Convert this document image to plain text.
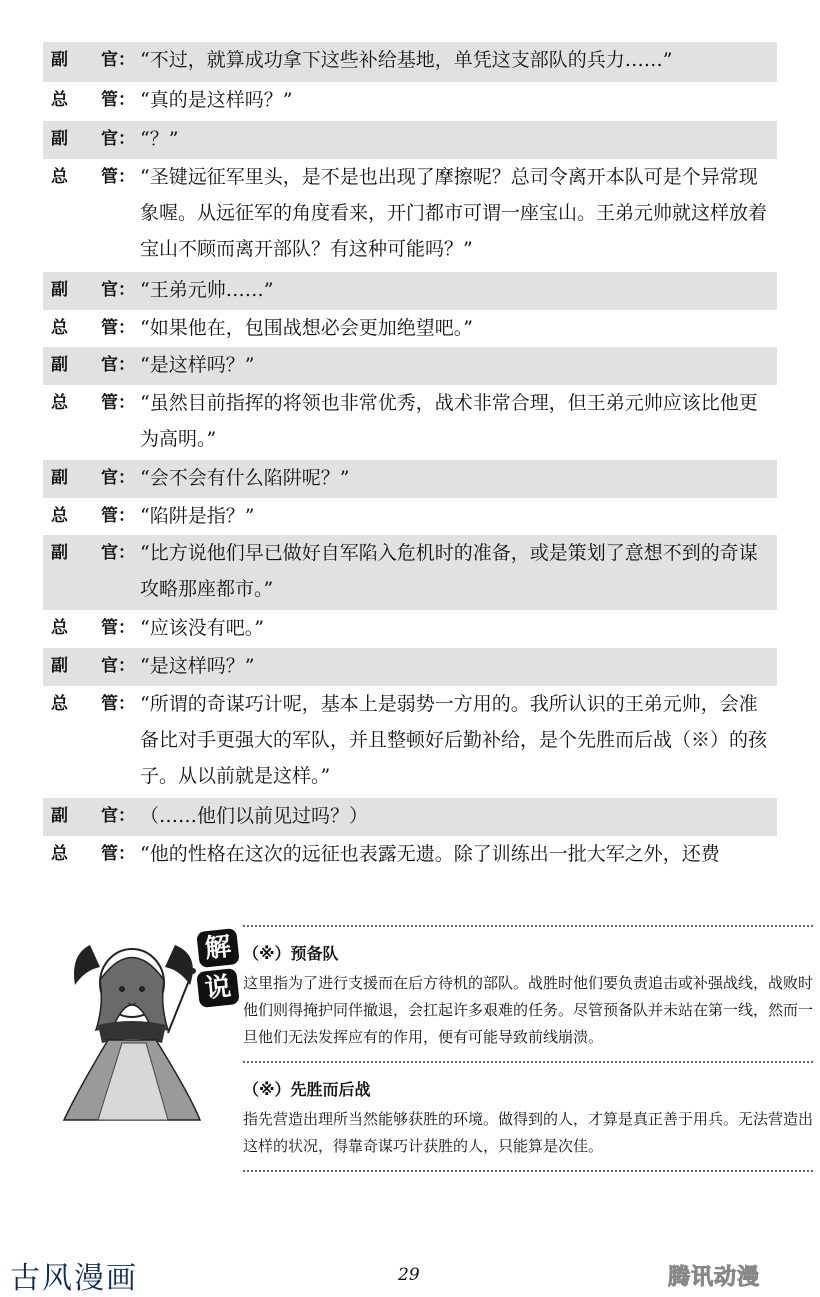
副	官： “不过，就算成功拿下这些补给基地，单凭这支部队的兵力……”
总	管： “真的是这样吗？”
副	官： “？”
总	管： “圣键远征军里头，是不是也出现了摩擦呢？总司令离开本队可是个异常现象喔。从远征军的角度看来，开门都市可谓一座宝山。王弟元帅就这样放着宝山不顾而离开部队？有这种可能吗？”
副	官： “王弟元帅……”
总	管： “如果他在，包围战想必会更加绝望吧。”
副	官： “是这样吗？”
总	管： “虽然目前指挥的将领也非常优秀，战术非常合理，但王弟元帅应该比他更为高明。”
副	官： “会不会有什么陷阱呢？”
总	管： “陷阱是指？”
副	官： “比方说他们早已做好自军陷入危机时的准备，或是策划了意想不到的奇谋攻略那座都市。”
总	管： “应该没有吧。”
副	官： “是这样吗？”
总	管： “所谓的奇谋巧计呢，基本上是弱势一方用的。我所认识的王弟元帅，会准备比对手更强大的军队，并且整顿好后勤补给，是个先胜而后战（※）的孩子。从以前就是这样。”
副	官： （……他们以前见过吗？）
总	管： “他的性格在这次的远征也表露无遗。除了训练出一批大军之外，还费
解
说
（※）预备队

这里指为了进行支援而在后方待机的部队。战胜时他们要负责追击或补强战线，战败时他们则得掩护同伴撤退，会扛起许多艰难的任务。尽管预备队并未站在第一线，然而一旦他们无法发挥应有的作用，便有可能导致前线崩溃。

（※）先胜而后战

指先营造出理所当然能够获胜的环境。做得到的人，才算是真正善于用兵。无法营造出这样的状况，得靠奇谋巧计获胜的人，只能算是次佳。

古风漫画	29	腾讯动漫
